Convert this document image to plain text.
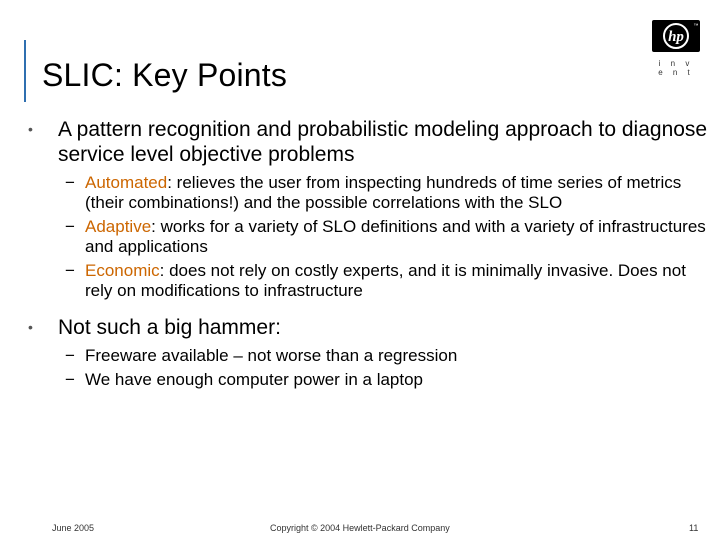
SLIC: Key Points
hp
™
i n v e n t
• A pattern recognition and probabilistic modeling approach to diagnose service level objective problems
− Automated: relieves the user from inspecting hundreds of time series of metrics (their combinations!) and the possible correlations with the SLO
− Adaptive: works for a variety of SLO definitions and with a variety of infrastructures and applications
− Economic: does not rely on costly experts, and it is minimally invasive. Does not rely on modifications to infrastructure
• Not such a big hammer:
− Freeware available – not worse than a regression
− We have enough computer power in a laptop
June 2005	Copyright © 2004 Hewlett-Packard Company	11
